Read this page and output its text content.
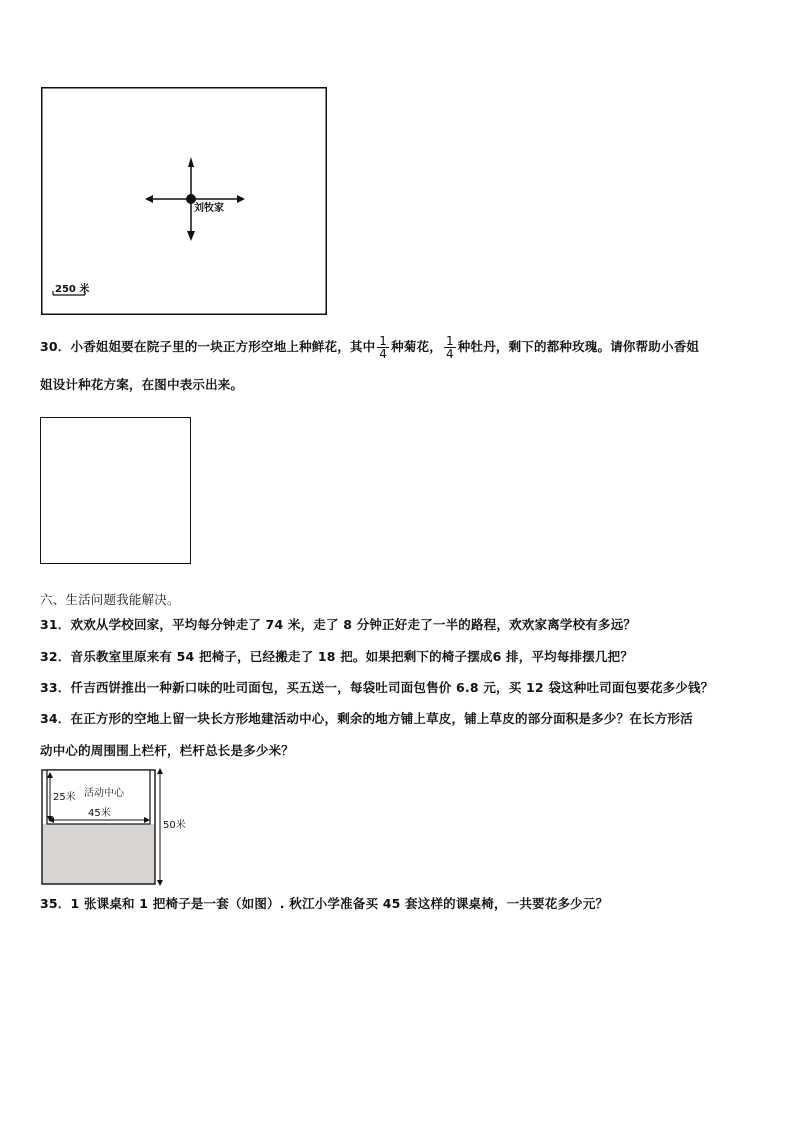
刘牧家
250 米
30．小香姐姐要在院子里的一块正方形空地上种鲜花，其中 $\frac{1}{4}$ 种菊花， $\frac{1}{4}$ 种牡丹，剩下的都种玫瑰。请你帮助小香姐
姐设计种花方案，在图中表示出来。
六、生活问题我能解决。
31．欢欢从学校回家，平均每分钟走了 74 米，走了 8 分钟正好走了一半的路程，欢欢家离学校有多远？
32．音乐教室里原来有 54 把椅子，已经搬走了 18 把。如果把剩下的椅子摆成6 排，平均每排摆几把？
33．仟吉西饼推出一种新口味的吐司面包，买五送一，每袋吐司面包售价 6.8 元，买 12 袋这种吐司面包要花多少钱？
34．在正方形的空地上留一块长方形地建活动中心，剩余的地方铺上草皮，铺上草皮的部分面积是多少？在长方形活
动中心的周围围上栏杆，栏杆总长是多少米？
25米 活动中心
45米
50米
35．1 张课桌和 1 把椅子是一套（如图）. 秋江小学准备买 45 套这样的课桌椅，一共要花多少元？
